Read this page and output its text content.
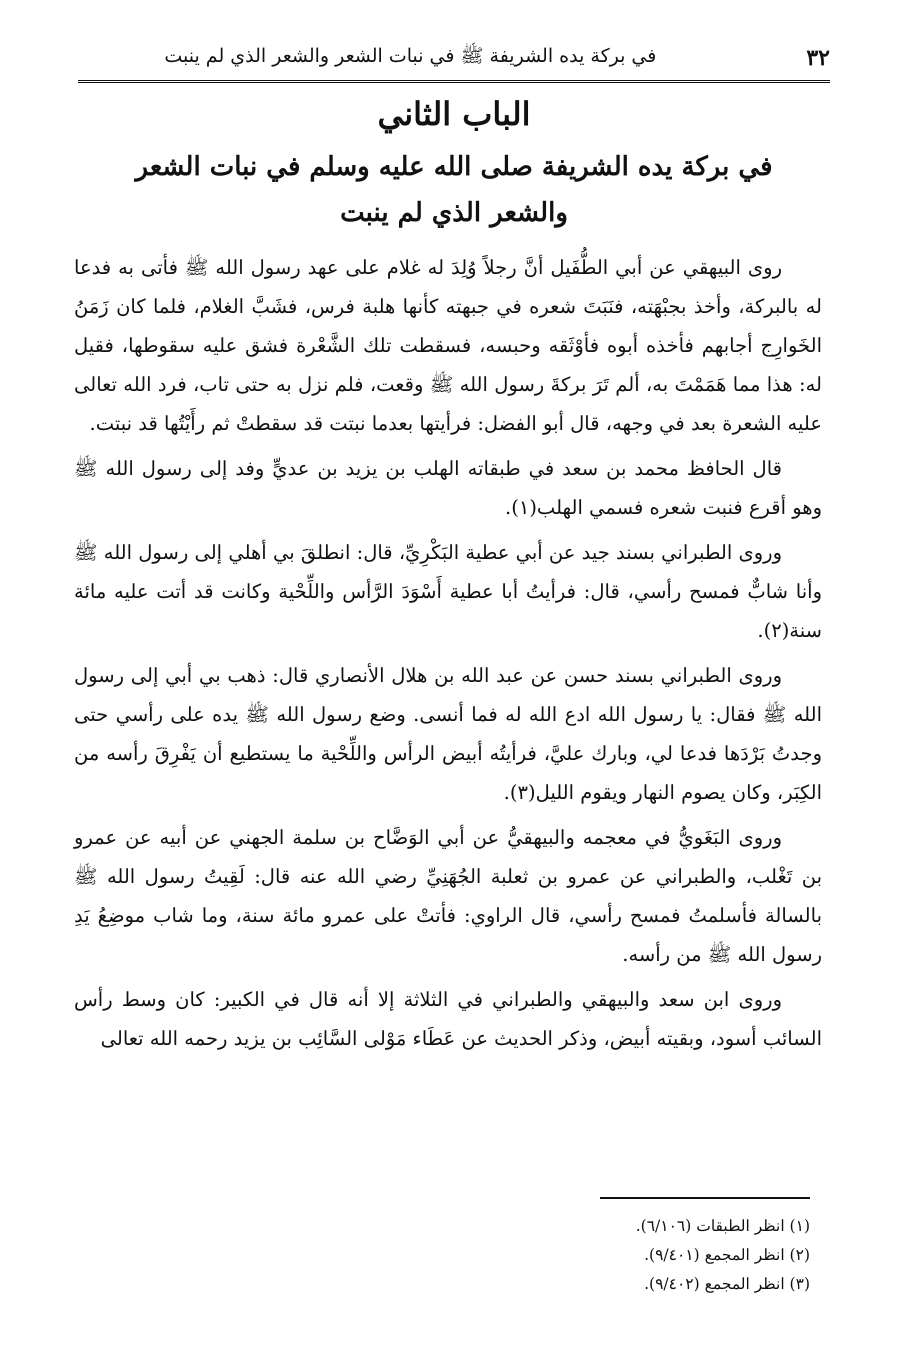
٣٢
في بركة يده الشريفة ﷺ في نبات الشعر والشعر الذي لم ينبت
الباب الثاني
في بركة يده الشريفة صلى الله عليه وسلم في نبات الشعر
والشعر الذي لم ينبت

روى البيهقي عن أبي الطُّفَيل أنَّ رجلاً وُلِدَ له غلام على عهد رسول الله ﷺ فأتى به فدعا له بالبركة، وأخذ بجبْهَته، فنَبَتَ شعره في جبهته كأنها هلبة فرس، فشَبَّ الغلام، فلما كان زَمَنُ الخَوارِج أجابهم فأخذه أبوه فأوْثَقه وحبسه، فسقطت تلك الشَّعْرة فشق عليه سقوطها، فقيل له: هذا مما هَمَمْتَ به، ألم تَرَ بركةَ رسول الله ﷺ وقعت، فلم نزل به حتى تاب، فرد الله تعالى عليه الشعرة بعد في وجهه، قال أبو الفضل: فرأيتها بعدما نبتت قد سقطتْ ثم رأَيْتُها قد نبتت.

قال الحافظ محمد بن سعد في طبقاته الهلب بن يزيد بن عديٍّ وفد إلى رسول الله ﷺ وهو أقرع فنبت شعره فسمي الهلب(١).

وروى الطبراني بسند جيد عن أبي عطية البَكْرِيِّ، قال: انطلقَ بي أهلي إلى رسول الله ﷺ وأنا شابٌّ فمسح رأسي، قال: فرأيتُ أبا عطية أَسْوَدَ الرَّأس واللِّحْية وكانت قد أتت عليه مائة سنة(٢).

وروى الطبراني بسند حسن عن عبد الله بن هلال الأنصاري قال: ذهب بي أبي إلى رسول الله ﷺ فقال: يا رسول الله ادع الله له فما أنسى. وضع رسول الله ﷺ يده على رأسي حتى وجدتُ بَرْدَها فدعا لي، وبارك عليَّ، فرأيتُه أبيض الرأس واللِّحْية ما يستطيع أن يَفْرِقَ رأسه من الكِبَر، وكان يصوم النهار ويقوم الليل(٣).

وروى البَغَويُّ في معجمه والبيهقيُّ عن أبي الوَضَّاح بن سلمة الجهني عن أبيه عن عمرو بن تَغْلب، والطبراني عن عمرو بن ثعلبة الجُهَنِيِّ رضي الله عنه قال: لَقِيتُ رسول الله ﷺ بالسالة فأسلمتُ فمسح رأسي، قال الراوي: فأتتْ على عمرو مائة سنة، وما شاب موضِعُ يَدِ رسول الله ﷺ من رأسه.

وروى ابن سعد والبيهقي والطبراني في الثلاثة إلا أنه قال في الكبير: كان وسط رأس السائب أسود، وبقيته أبيض، وذكر الحديث عن عَطَاء مَوْلى السَّائِب بن يزيد رحمه الله تعالى

(١) انظر الطبقات (٦/١٠٦).
(٢) انظر المجمع (٩/٤٠١).
(٣) انظر المجمع (٩/٤٠٢).
